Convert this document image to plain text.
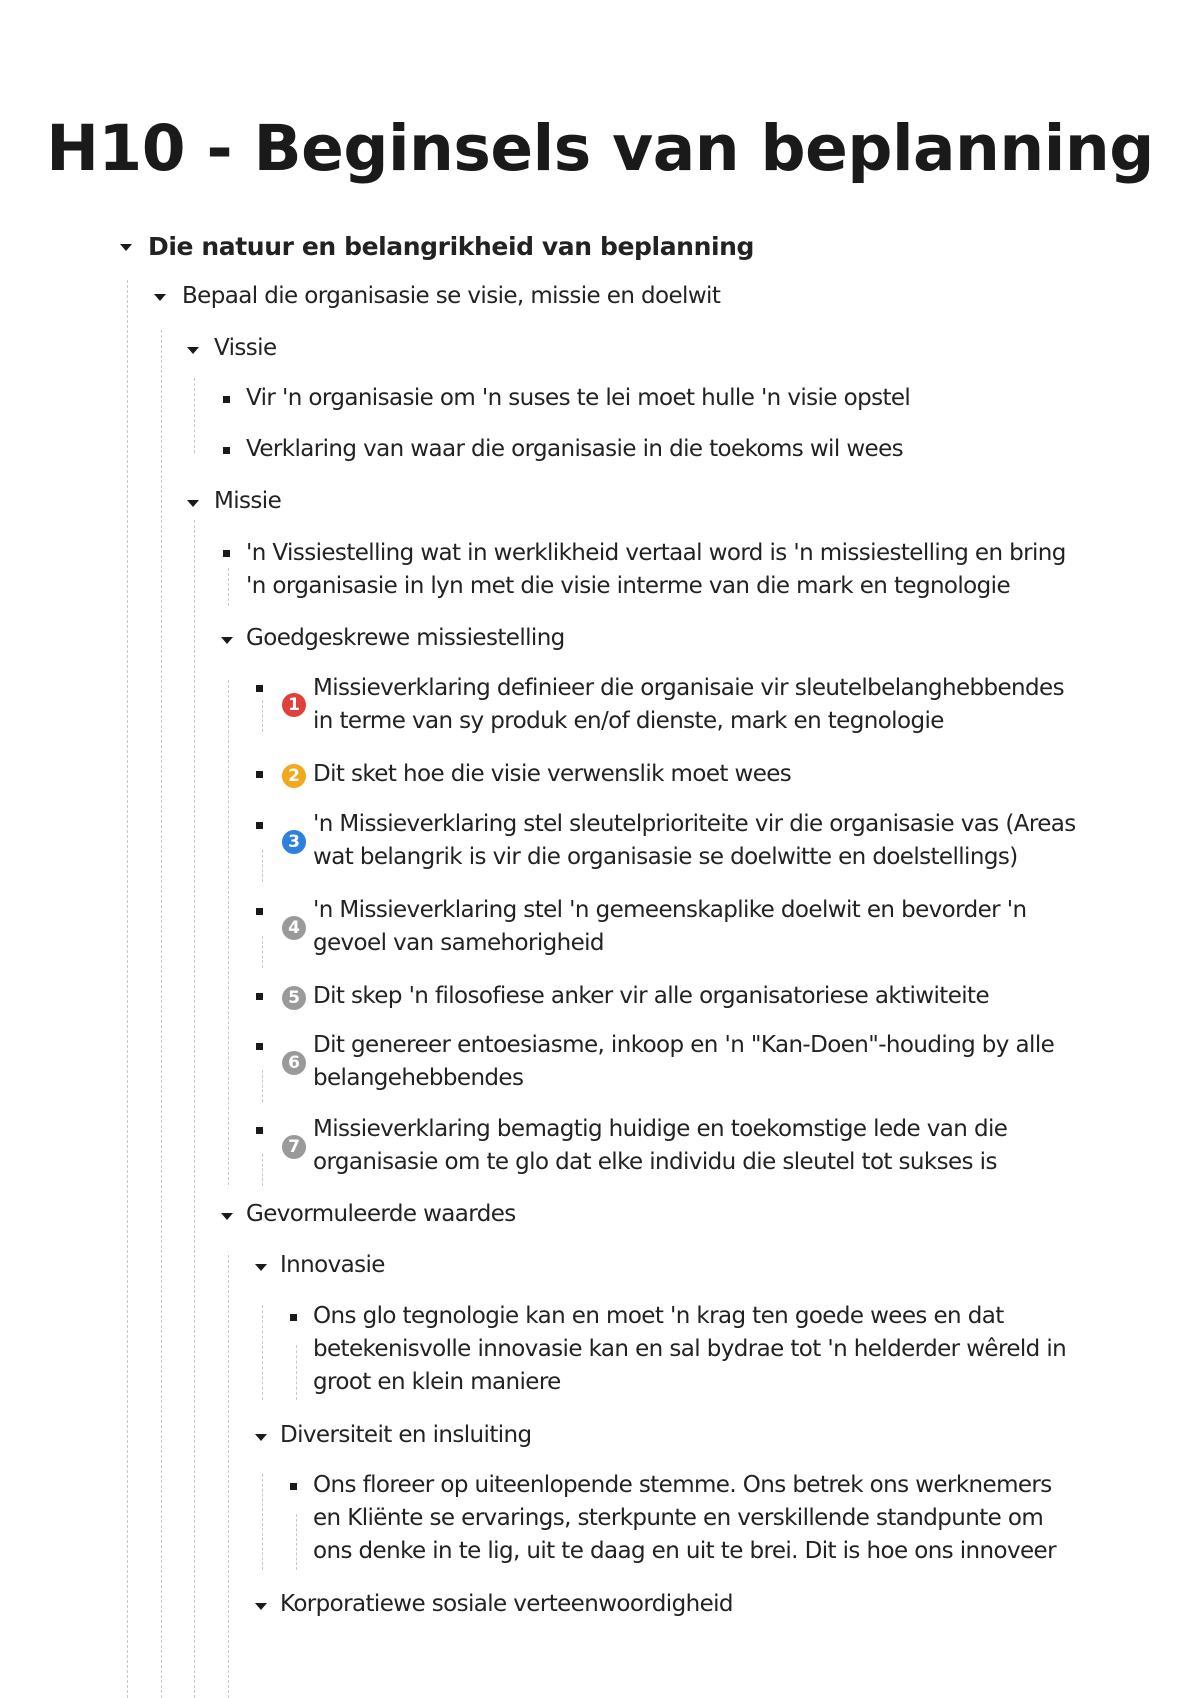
H10 - Beginsels van beplanning
Die natuur en belangrikheid van beplanning
Bepaal die organisasie se visie, missie en doelwit
Vissie
Vir 'n organisasie om 'n suses te lei moet hulle 'n visie opstel
Verklaring van waar die organisasie in die toekoms wil wees
Missie
'n Vissiestelling wat in werklikheid vertaal word is 'n missiestelling en bring
'n organisasie in lyn met die visie interme van die mark en tegnologie
Goedgeskrewe missiestelling
1
Missieverklaring definieer die organisaie vir sleutelbelanghebbendes
in terme van sy produk en/of dienste, mark en tegnologie
2 Dit sket hoe die visie verwenslik moet wees
3
'n Missieverklaring stel sleutelprioriteite vir die organisasie vas (Areas
wat belangrik is vir die organisasie se doelwitte en doelstellings)
4
'n Missieverklaring stel 'n gemeenskaplike doelwit en bevorder 'n
gevoel van samehorigheid
5 Dit skep 'n filosofiese anker vir alle organisatoriese aktiwiteite
6
Dit genereer entoesiasme, inkoop en 'n "Kan-Doen"-houding by alle
belangehebbendes
7
Missieverklaring bemagtig huidige en toekomstige lede van die
organisasie om te glo dat elke individu die sleutel tot sukses is
Gevormuleerde waardes
Innovasie
Ons glo tegnologie kan en moet 'n krag ten goede wees en dat
betekenisvolle innovasie kan en sal bydrae tot 'n helderder wêreld in
groot en klein maniere
Diversiteit en insluiting
Ons floreer op uiteenlopende stemme. Ons betrek ons werknemers
en Kliënte se ervarings, sterkpunte en verskillende standpunte om
ons denke in te lig, uit te daag en uit te brei. Dit is hoe ons innoveer
Korporatiewe sosiale verteenwoordigheid
